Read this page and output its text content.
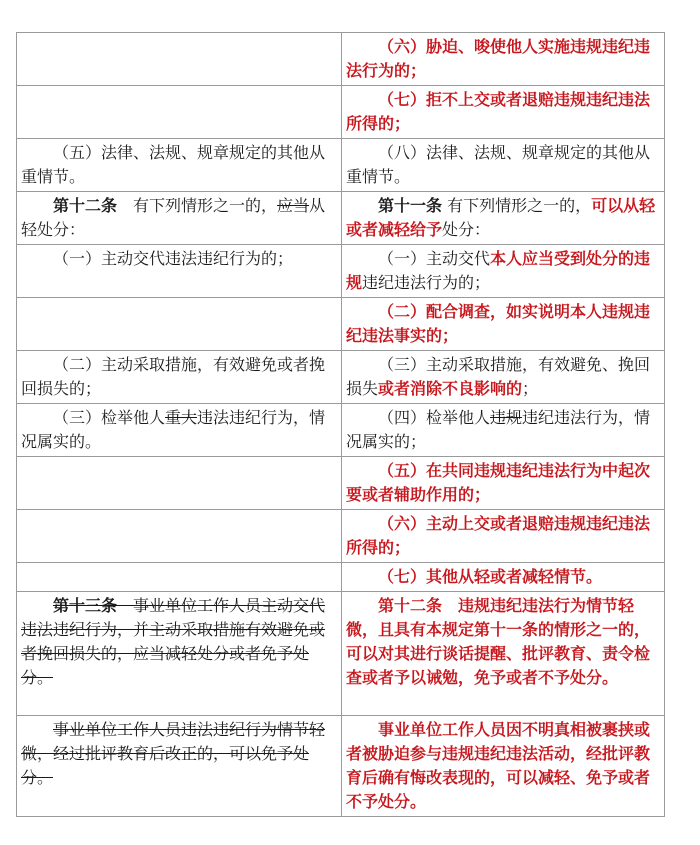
	（六）胁迫、唆使他人实施违规违纪违法行为的；

	（七）拒不上交或者退赔违规违纪违法所得的；

（五）法律、法规、规章规定的其他从重情节。	（八）法律、法规、规章规定的其他从重情节。

第十二条　有下列情形之一的，应当从轻处分：	第十一条 有下列情形之一的，可以从轻或者减轻给予处分：

（一）主动交代违法违纪行为的；	（一）主动交代本人应当受到处分的违规违纪违法行为的；

	（二）配合调查，如实说明本人违规违纪违法事实的；

（二）主动采取措施，有效避免或者挽回损失的；	（三）主动采取措施，有效避免、挽回损失或者消除不良影响的；

（三）检举他人重大违法违纪行为，情况属实的。	（四）检举他人违规违纪违法行为，情况属实的；

	（五）在共同违规违纪违法行为中起次要或者辅助作用的；

	（六）主动上交或者退赔违规违纪违法所得的；

	（七）其他从轻或者减轻情节。

第十三条　事业单位工作人员主动交代违法违纪行为，并主动采取措施有效避免或者挽回损失的，应当减轻处分或者免予处分。	第十二条　违规违纪违法行为情节轻微，且具有本规定第十一条的情形之一的，可以对其进行谈话提醒、批评教育、责令检查或者予以诫勉，免予或者不予处分。

事业单位工作人员违法违纪行为情节轻微，经过批评教育后改正的，可以免予处分。	事业单位工作人员因不明真相被裹挟或者被胁迫参与违规违纪违法活动，经批评教育后确有悔改表现的，可以减轻、免予或者不予处分。
